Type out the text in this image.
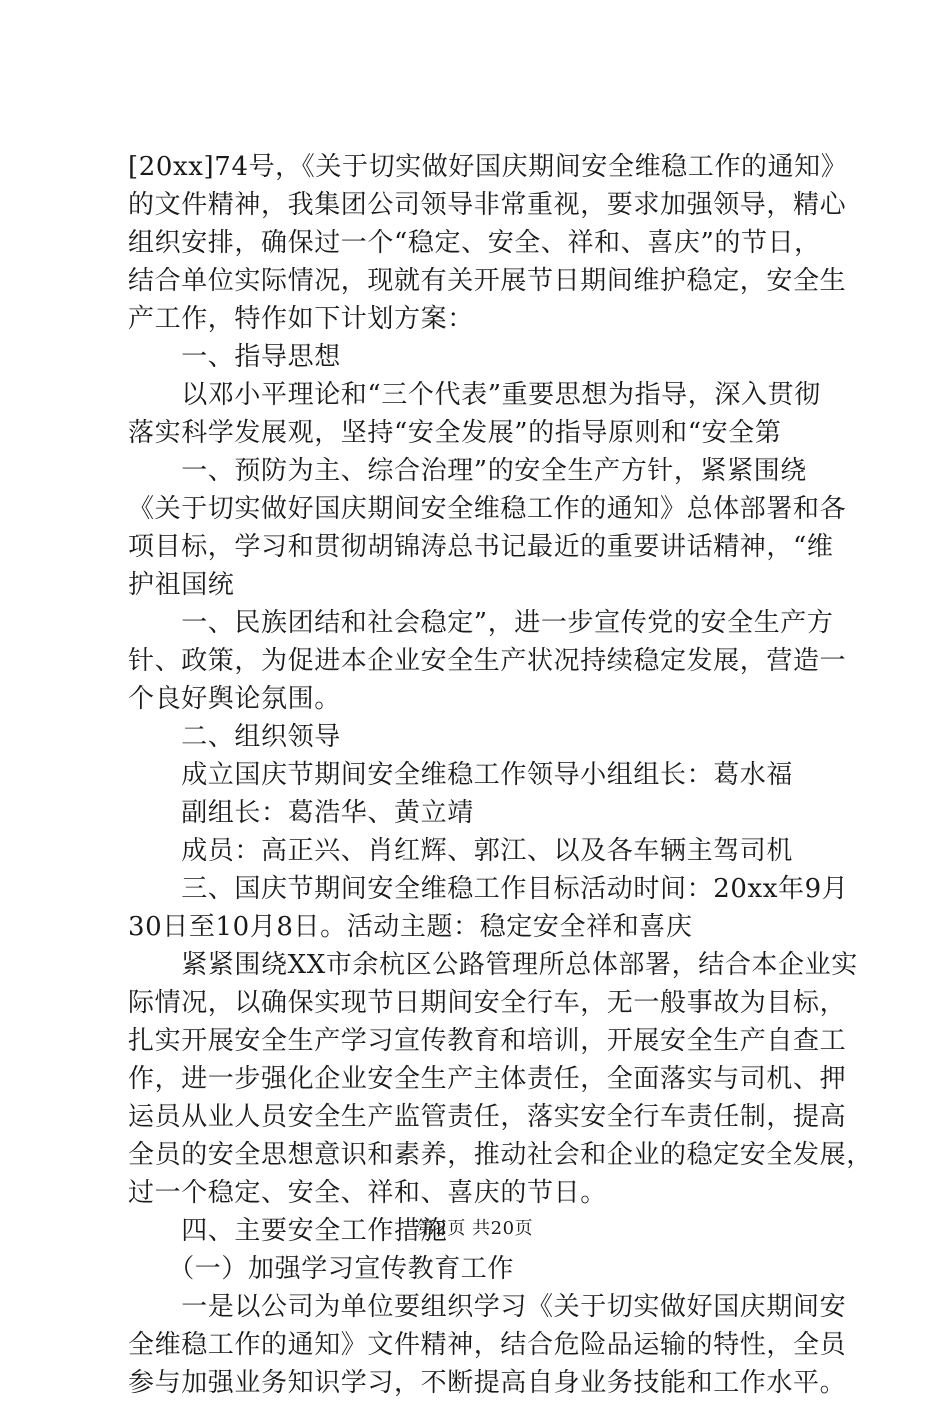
[20xx]74号，《关于切实做好国庆期间安全维稳工作的通知》
的文件精神，我集团公司领导非常重视，要求加强领导，精心
组织安排，确保过一个“稳定、安全、祥和、喜庆”的节日，
结合单位实际情况，现就有关开展节日期间维护稳定，安全生
产工作，特作如下计划方案：
　　一、指导思想
　　以邓小平理论和“三个代表”重要思想为指导，深入贯彻
落实科学发展观，坚持“安全发展”的指导原则和“安全第
　　一、预防为主、综合治理”的安全生产方针，紧紧围绕
《关于切实做好国庆期间安全维稳工作的通知》总体部署和各
项目标，学习和贯彻胡锦涛总书记最近的重要讲话精神，“维
护祖国统
　　一、民族团结和社会稳定”，进一步宣传党的安全生产方
针、政策，为促进本企业安全生产状况持续稳定发展，营造一
个良好舆论氛围。
　　二、组织领导
　　成立国庆节期间安全维稳工作领导小组组长：葛水福
　　副组长：葛浩华、黄立靖
　　成员：高正兴、肖红辉、郭江、以及各车辆主驾司机
　　三、国庆节期间安全维稳工作目标活动时间：20xx年9月
30日至10月8日。活动主题：稳定安全祥和喜庆
　　紧紧围绕XX市余杭区公路管理所总体部署，结合本企业实
际情况，以确保实现节日期间安全行车，无一般事故为目标，
扎实开展安全生产学习宣传教育和培训，开展安全生产自查工
作，进一步强化企业安全生产主体责任，全面落实与司机、押
运员从业人员安全生产监管责任，落实安全行车责任制，提高
全员的安全思想意识和素养，推动社会和企业的稳定安全发展，
过一个稳定、安全、祥和、喜庆的节日。
　　四、主要安全工作措施
　　（一）加强学习宣传教育工作
　　一是以公司为单位要组织学习《关于切实做好国庆期间安
全维稳工作的通知》文件精神，结合危险品运输的特性，全员
参与加强业务知识学习，不断提高自身业务技能和工作水平。
第2页 共20页
